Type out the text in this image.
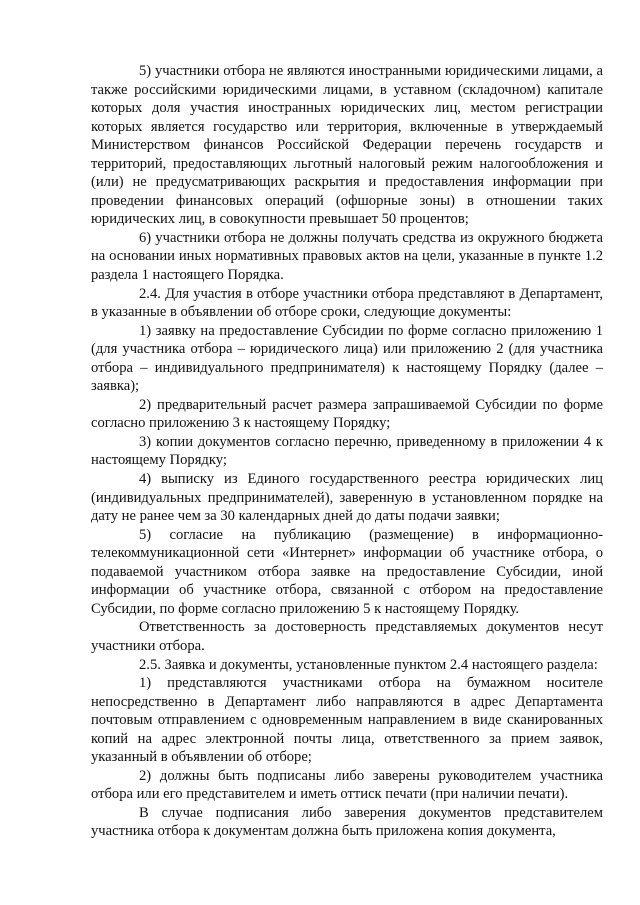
5) участники отбора не являются иностранными юридическими лицами, а также российскими юридическими лицами, в уставном (складочном) капитале которых доля участия иностранных юридических лиц, местом регистрации которых является государство или территория, включенные в утверждаемый Министерством финансов Российской Федерации перечень государств и территорий, предоставляющих льготный налоговый режим налогообложения и (или) не предусматривающих раскрытия и предоставления информации при проведении финансовых операций (офшорные зоны) в отношении таких юридических лиц, в совокупности превышает 50 процентов;

6) участники отбора не должны получать средства из окружного бюджета на основании иных нормативных правовых актов на цели, указанные в пункте 1.2 раздела 1 настоящего Порядка.

2.4. Для участия в отборе участники отбора представляют в Департамент, в указанные в объявлении об отборе сроки, следующие документы:

1) заявку на предоставление Субсидии по форме согласно приложению 1 (для участника отбора – юридического лица) или приложению 2 (для участника отбора – индивидуального предпринимателя) к настоящему Порядку (далее – заявка);

2) предварительный расчет размера запрашиваемой Субсидии по форме согласно приложению 3 к настоящему Порядку;

3) копии документов согласно перечню, приведенному в приложении 4 к настоящему Порядку;

4) выписку из Единого государственного реестра юридических лиц (индивидуальных предпринимателей), заверенную в установленном порядке на дату не ранее чем за 30 календарных дней до даты подачи заявки;

5) согласие на публикацию (размещение) в информационно-телекоммуникационной сети «Интернет» информации об участнике отбора, о подаваемой участником отбора заявке на предоставление Субсидии, иной информации об участнике отбора, связанной с отбором на предоставление Субсидии, по форме согласно приложению 5 к настоящему Порядку.

Ответственность за достоверность представляемых документов несут участники отбора.

2.5. Заявка и документы, установленные пунктом 2.4 настоящего раздела:

1) представляются участниками отбора на бумажном носителе непосредственно в Департамент либо направляются в адрес Департамента почтовым отправлением с одновременным направлением в виде сканированных копий на адрес электронной почты лица, ответственного за прием заявок, указанный в объявлении об отборе;

2) должны быть подписаны либо заверены руководителем участника отбора или его представителем и иметь оттиск печати (при наличии печати).

В случае подписания либо заверения документов представителем участника отбора к документам должна быть приложена копия документа,
